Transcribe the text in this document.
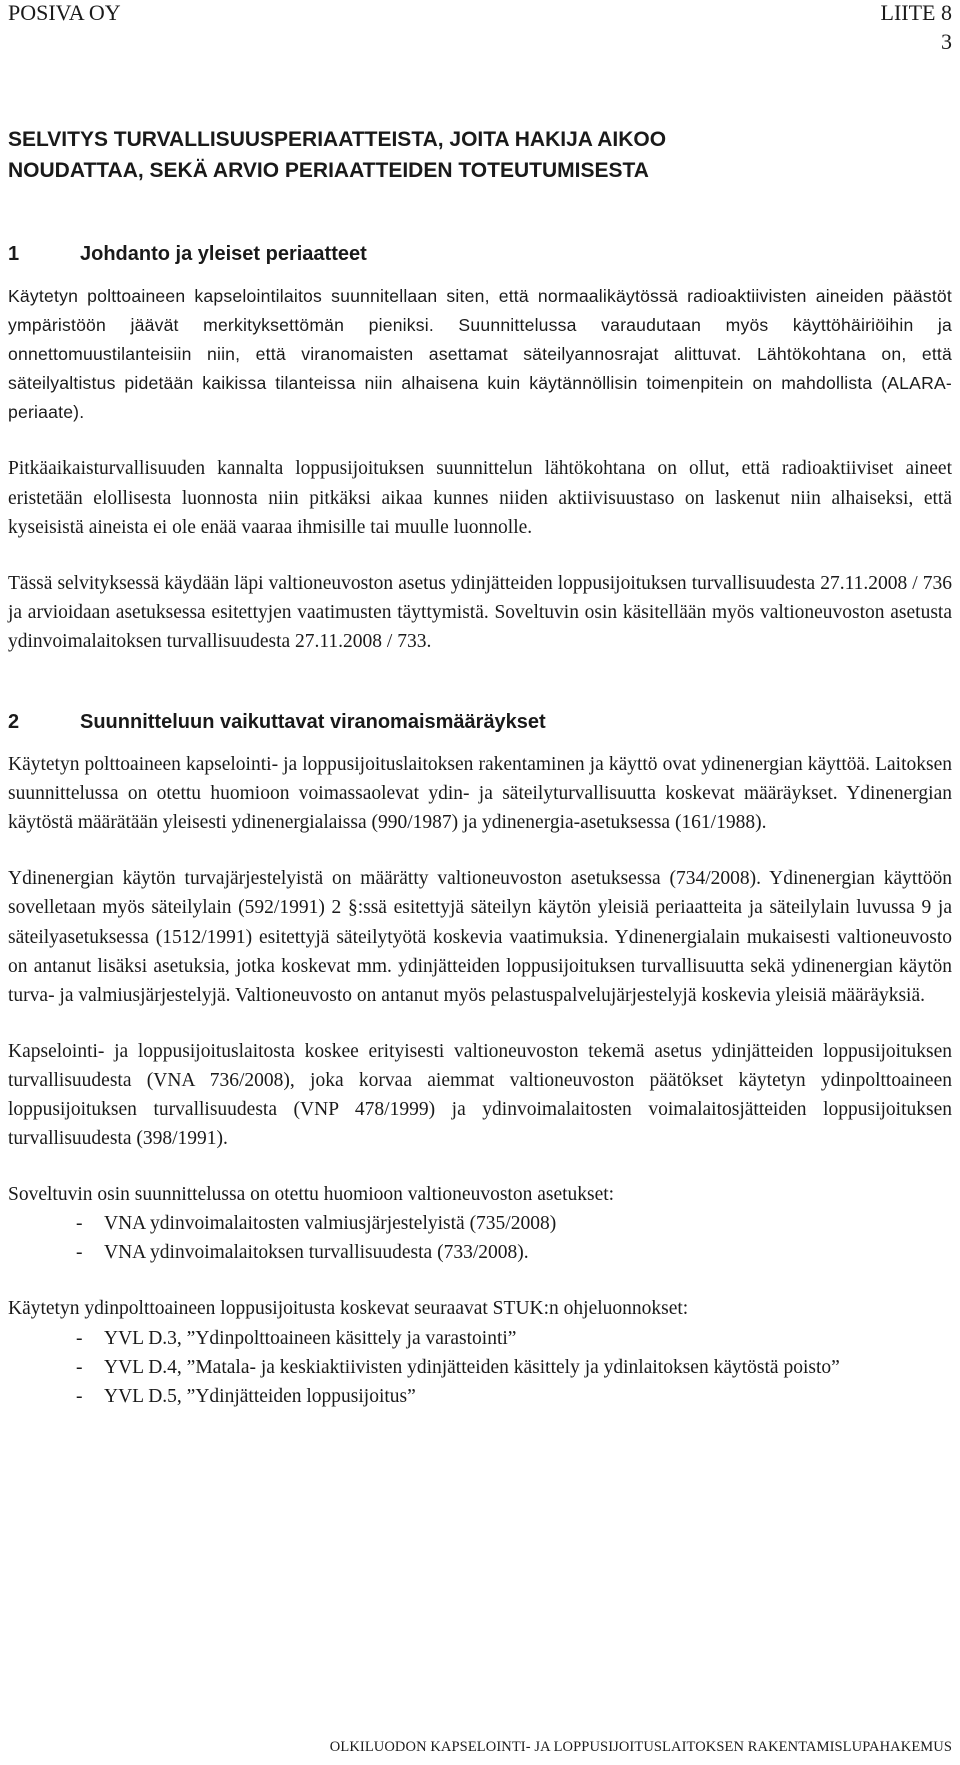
POSIVA OY	LIITE 8
3
SELVITYS TURVALLISUUSPERIAATTEISTA, JOITA HAKIJA AIKOO
NOUDATTAA, SEKÄ ARVIO PERIAATTEIDEN TOTEUTUMISESTA
1	Johdanto ja yleiset periaatteet

Käytetyn polttoaineen kapselointilaitos suunnitellaan siten, että normaalikäytössä radioaktiivisten aineiden päästöt ympäristöön jäävät merkityksettömän pieniksi. Suunnittelussa varaudutaan myös käyttöhäiriöihin ja onnettomuustilanteisiin niin, että viranomaisten asettamat säteilyannosrajat alittuvat. Lähtökohtana on, että säteilyaltistus pidetään kaikissa tilanteissa niin alhaisena kuin käytännöllisin toimenpitein on mahdollista (ALARA-periaate).

Pitkäaikaisturvallisuuden kannalta loppusijoituksen suunnittelun lähtökohtana on ollut, että radioaktiiviset aineet eristetään elollisesta luonnosta niin pitkäksi aikaa kunnes niiden aktiivisuustaso on laskenut niin alhaiseksi, että kyseisistä aineista ei ole enää vaaraa ihmisille tai muulle luonnolle.

Tässä selvityksessä käydään läpi valtioneuvoston asetus ydinjätteiden loppusijoituksen turvallisuudesta 27.11.2008 / 736 ja arvioidaan asetuksessa esitettyjen vaatimusten täyttymistä. Soveltuvin osin käsitellään myös valtioneuvoston asetusta ydinvoimalaitoksen turvallisuudesta 27.11.2008 / 733.

2	Suunnitteluun vaikuttavat viranomaismääräykset

Käytetyn polttoaineen kapselointi- ja loppusijoituslaitoksen rakentaminen ja käyttö ovat ydinenergian käyttöä. Laitoksen suunnittelussa on otettu huomioon voimassaolevat ydin- ja säteilyturvallisuutta koskevat määräykset. Ydinenergian käytöstä määrätään yleisesti ydinenergialaissa (990/1987) ja ydinenergia-asetuksessa (161/1988).

Ydinenergian käytön turvajärjestelyistä on määrätty valtioneuvoston asetuksessa (734/2008). Ydinenergian käyttöön sovelletaan myös säteilylain (592/1991) 2 §:ssä esitettyjä säteilyn käytön yleisiä periaatteita ja säteilylain luvussa 9 ja säteilyasetuksessa (1512/1991) esitettyjä säteilytyötä koskevia vaatimuksia. Ydinenergialain mukaisesti valtioneuvosto on antanut lisäksi asetuksia, jotka koskevat mm. ydinjätteiden loppusijoituksen turvallisuutta sekä ydinenergian käytön turva- ja valmiusjärjestelyjä. Valtioneuvosto on antanut myös pelastuspalvelujärjestelyjä koskevia yleisiä määräyksiä.

Kapselointi- ja loppusijoituslaitosta koskee erityisesti valtioneuvoston tekemä asetus ydinjätteiden loppusijoituksen turvallisuudesta (VNA 736/2008), joka korvaa aiemmat valtioneuvoston päätökset käytetyn ydinpolttoaineen loppusijoituksen turvallisuudesta (VNP 478/1999) ja ydinvoimalaitosten voimalaitosjätteiden loppusijoituksen turvallisuudesta (398/1991).

Soveltuvin osin suunnittelussa on otettu huomioon valtioneuvoston asetukset:

- VNA ydinvoimalaitosten valmiusjärjestelyistä (735/2008)
- VNA ydinvoimalaitoksen turvallisuudesta (733/2008).

Käytetyn ydinpolttoaineen loppusijoitusta koskevat seuraavat STUK:n ohjeluonnokset:

- YVL D.3, ”Ydinpolttoaineen käsittely ja varastointi”
- YVL D.4, ”Matala- ja keskiaktiivisten ydinjätteiden käsittely ja ydinlaitoksen käytöstä poisto”
- YVL D.5, ”Ydinjätteiden loppusijoitus”
OLKILUODON KAPSELOINTI- JA LOPPUSIJOITUSLAITOKSEN RAKENTAMISLUPAHAKEMUS
